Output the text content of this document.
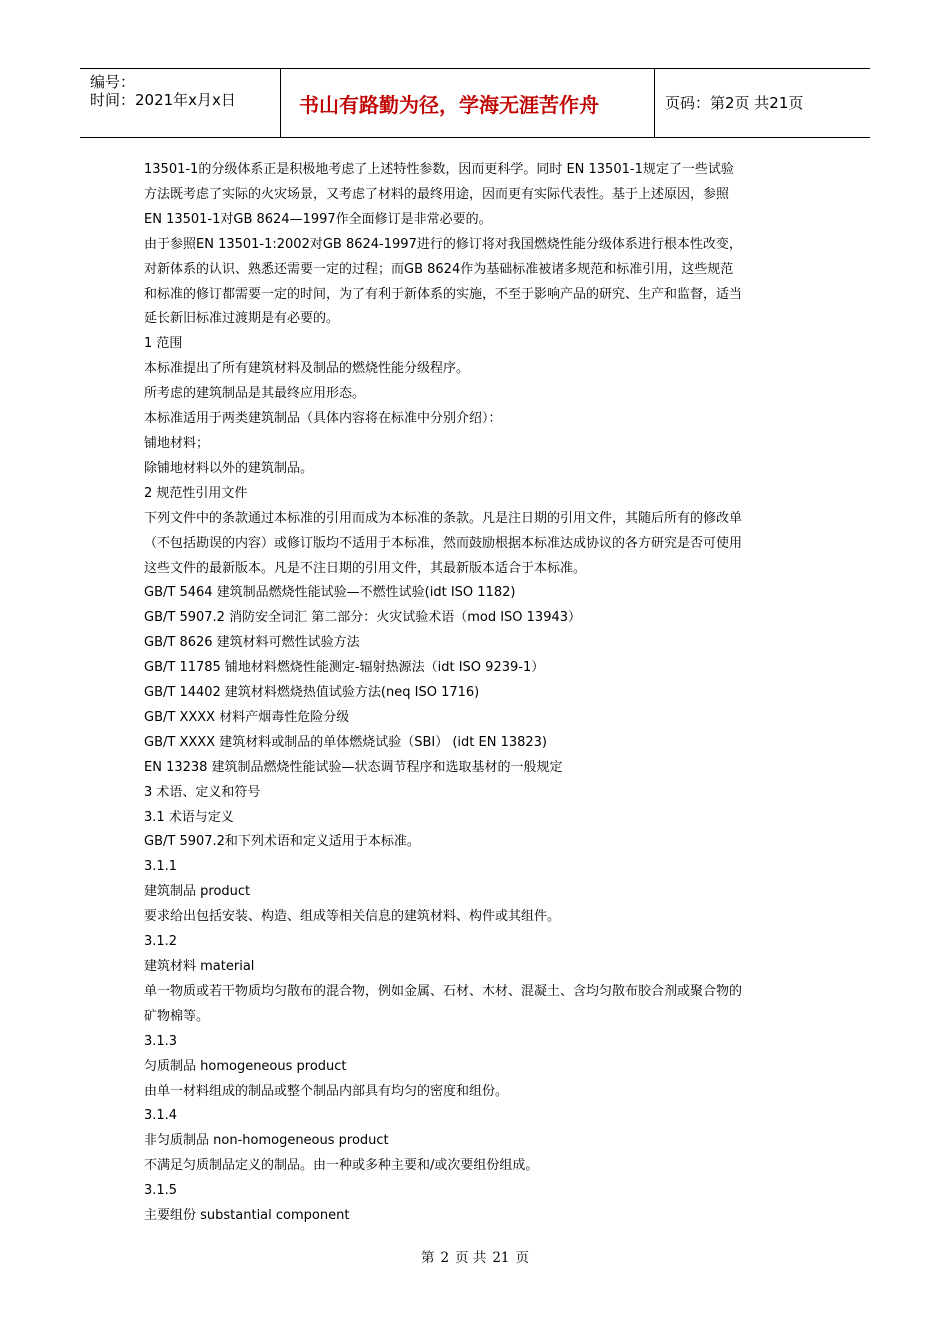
编号：
时间：2021年x月x日	书山有路勤为径，学海无涯苦作舟	页码：第2页 共21页

13501-1的分级体系正是积极地考虑了上述特性参数，因而更科学。同时 EN 13501-1规定了一些试验

方法既考虑了实际的火灾场景，又考虑了材料的最终用途，因而更有实际代表性。基于上述原因，参照

EN 13501-1对GB 8624—1997作全面修订是非常必要的。

由于参照EN 13501-1:2002对GB 8624-1997进行的修订将对我国燃烧性能分级体系进行根本性改变，

对新体系的认识、熟悉还需要一定的过程；而GB 8624作为基础标准被诸多规范和标准引用，这些规范

和标准的修订都需要一定的时间，为了有利于新体系的实施，不至于影响产品的研究、生产和监督，适当

延长新旧标准过渡期是有必要的。

1 范围

本标准提出了所有建筑材料及制品的燃烧性能分级程序。

所考虑的建筑制品是其最终应用形态。

本标准适用于两类建筑制品（具体内容将在标准中分别介绍）：

铺地材料；

除铺地材料以外的建筑制品。

2 规范性引用文件

下列文件中的条款通过本标准的引用而成为本标准的条款。凡是注日期的引用文件，其随后所有的修改单

（不包括勘误的内容）或修订版均不适用于本标准，然而鼓励根据本标准达成协议的各方研究是否可使用

这些文件的最新版本。凡是不注日期的引用文件，其最新版本适合于本标准。

GB/T 5464 建筑制品燃烧性能试验—不燃性试验(idt ISO 1182)

GB/T 5907.2 消防安全词汇 第二部分：火灾试验术语（mod ISO 13943）

GB/T 8626 建筑材料可燃性试验方法

GB/T 11785 铺地材料燃烧性能测定-辐射热源法（idt ISO 9239-1）

GB/T 14402 建筑材料燃烧热值试验方法(neq ISO 1716)

GB/T XXXX 材料产烟毒性危险分级

GB/T XXXX 建筑材料或制品的单体燃烧试验（SBI） (idt EN 13823)

EN 13238 建筑制品燃烧性能试验—状态调节程序和选取基材的一般规定

3 术语、定义和符号

3.1 术语与定义

GB/T 5907.2和下列术语和定义适用于本标准。

3.1.1

建筑制品 product

要求给出包括安装、构造、组成等相关信息的建筑材料、构件或其组件。

3.1.2

建筑材料 material

单一物质或若干物质均匀散布的混合物，例如金属、石材、木材、混凝土、含均匀散布胶合剂或聚合物的

矿物棉等。

3.1.3

匀质制品 homogeneous product

由单一材料组成的制品或整个制品内部具有均匀的密度和组份。

3.1.4

非匀质制品 non-homogeneous product

不满足匀质制品定义的制品。由一种或多种主要和/或次要组份组成。

3.1.5

主要组份 substantial component

第 2 页 共 21 页
